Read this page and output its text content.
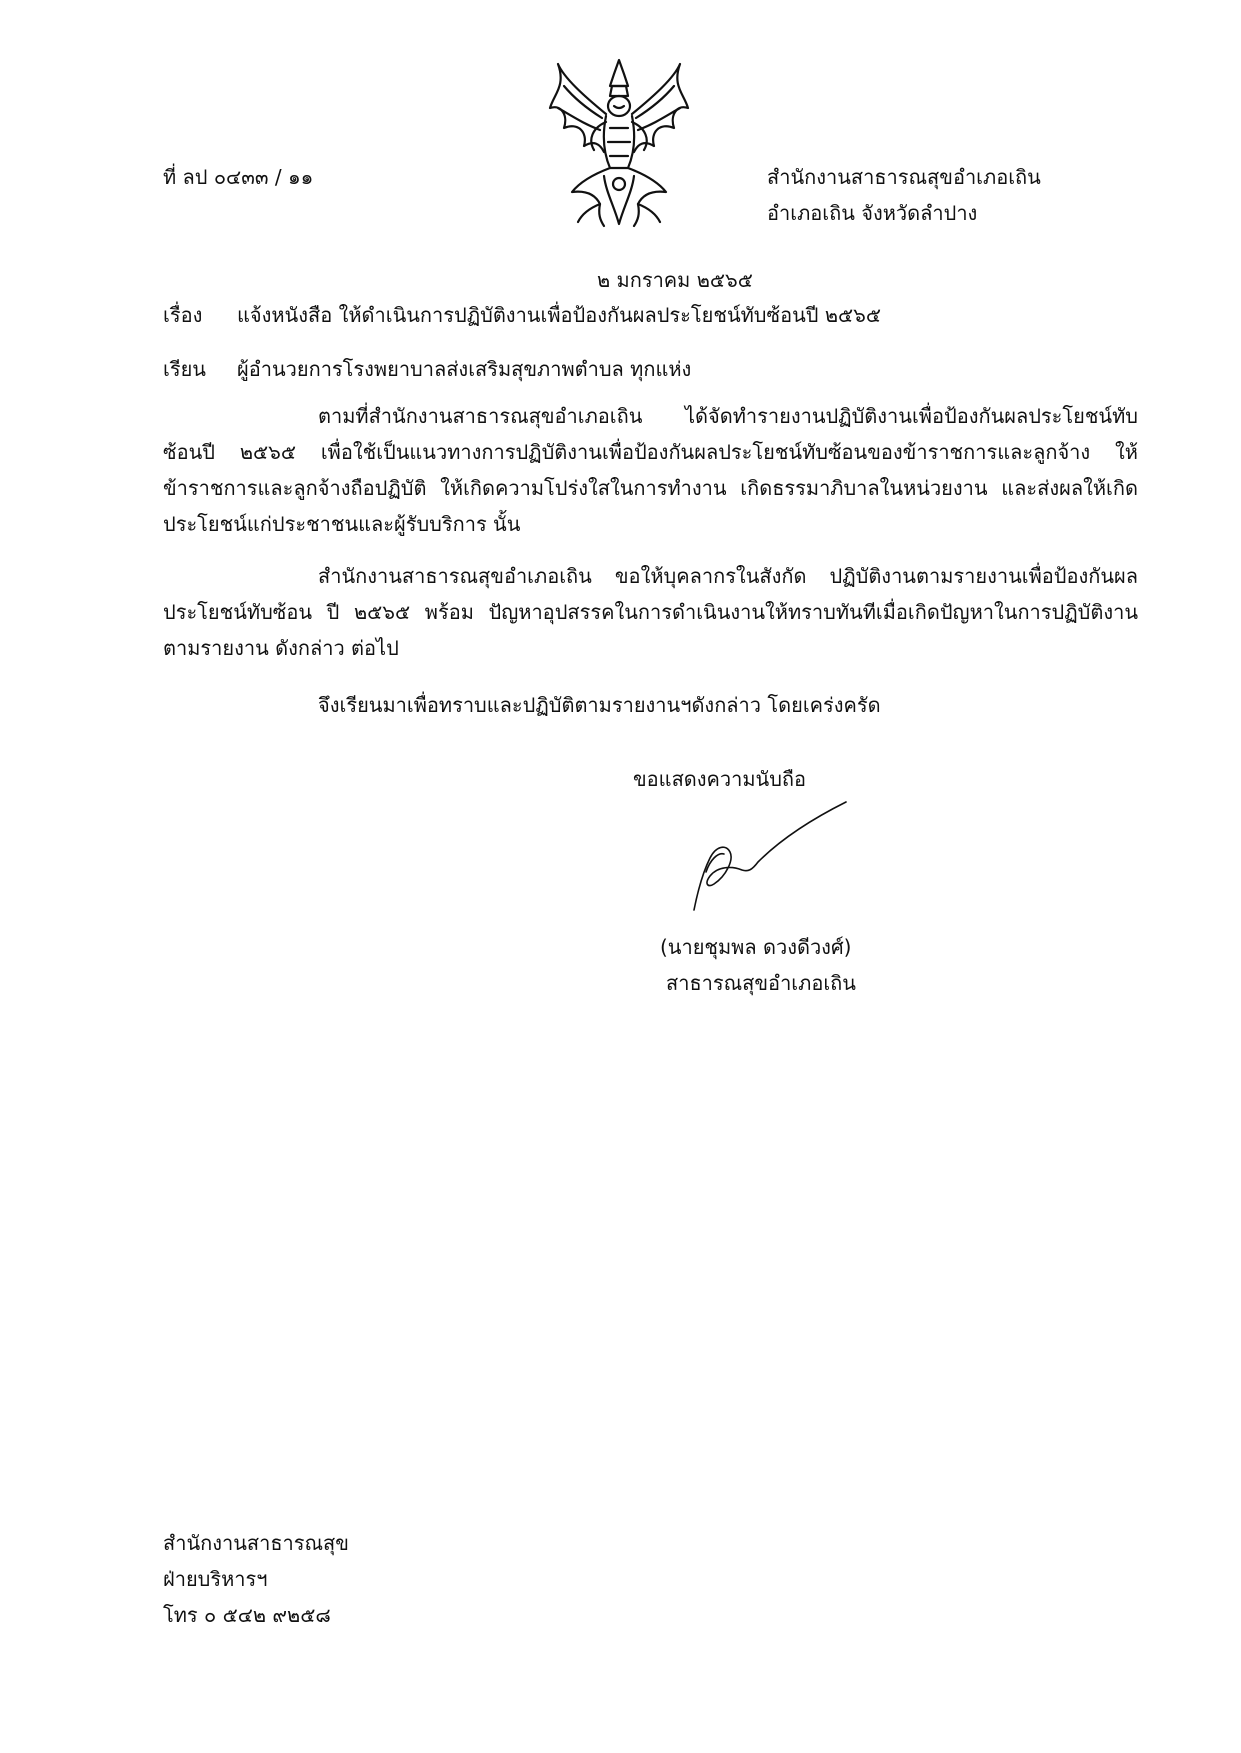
ที่ ลป ๐๔๓๓ / ๑๑	สำนักงานสาธารณสุขอำเภอเถิน
อำเภอเถิน จังหวัดลำปาง
๒ มกราคม ๒๕๖๕
เรื่อง แจ้งหนังสือ ให้ดำเนินการปฏิบัติงานเพื่อป้องกันผลประโยชน์ทับซ้อนปี ๒๕๖๕
เรียน ผู้อำนวยการโรงพยาบาลส่งเสริมสุขภาพตำบล ทุกแห่ง

ตามที่สำนักงานสาธารณสุขอำเภอเถิน ได้จัดทำรายงานปฏิบัติงานเพื่อป้องกันผลประโยชน์ทับซ้อนปี ๒๕๖๕ เพื่อใช้เป็นแนวทางการปฏิบัติงานเพื่อป้องกันผลประโยชน์ทับซ้อนของข้าราชการและลูกจ้าง ให้ข้าราชการและลูกจ้างถือปฏิบัติ ให้เกิดความโปร่งใสในการทำงาน เกิดธรรมาภิบาลในหน่วยงาน และส่งผลให้เกิดประโยชน์แก่ประชาชนและผู้รับบริการ นั้น

สำนักงานสาธารณสุขอำเภอเถิน ขอให้บุคลากรในสังกัด ปฏิบัติงานตามรายงานเพื่อป้องกันผลประโยชน์ทับซ้อน ปี ๒๕๖๕ พร้อม ปัญหาอุปสรรคในการดำเนินงานให้ทราบทันทีเมื่อเกิดปัญหาในการปฏิบัติงานตามรายงาน ดังกล่าว ต่อไป

จึงเรียนมาเพื่อทราบและปฏิบัติตามรายงานฯดังกล่าว โดยเคร่งครัด
ขอแสดงความนับถือ
(นายชุมพล ดวงดีวงศ์)
สาธารณสุขอำเภอเถิน
สำนักงานสาธารณสุข
ฝ่ายบริหารฯ
โทร ๐ ๕๔๒ ๙๒๕๘
